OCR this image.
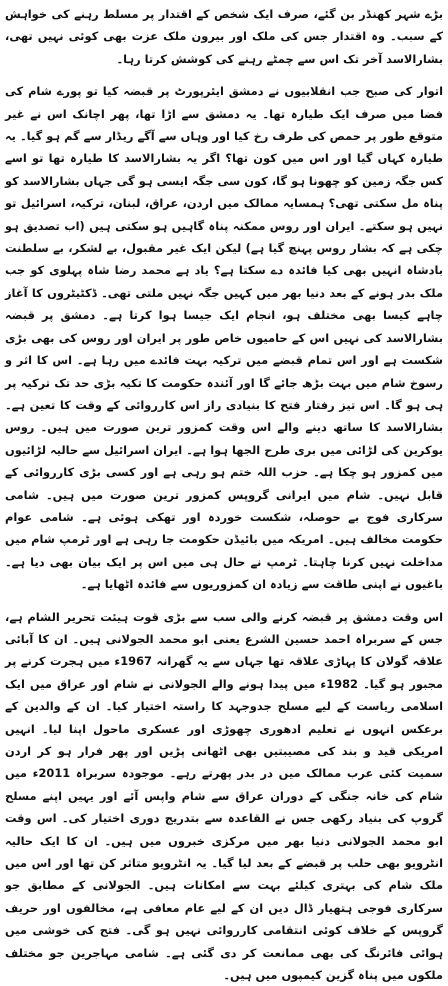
بڑے شہر کھنڈر بن گئے، صرف ایک شخص کے اقتدار پر مسلط رہنے کی خواہش کے سبب۔ وہ اقتدار جس کی ملک اور بیرون ملک عزت بھی کوئی نہیں تھی، بشارالاسد آخر تک اس سے چمٹے رہنے کی کوشش کرتا رہا۔

اتوار کی صبح جب انقلابیوں نے دمشق ایئرپورٹ پر قبضہ کیا تو پورے شام کی فضا میں صرف ایک طیارہ تھا۔ یہ دمشق سے اڑا تھا، پھر اچانک اس نے غیر متوقع طور پر حمص کی طرف رخ کیا اور وہاں سے آگے ریڈار سے گم ہو گیا۔ یہ طیارہ کہاں گیا اور اس میں کون تھا؟ اگر یہ بشارالاسد کا طیارہ تھا تو اسے کس جگہ زمین کو چھونا ہو گا، کون سی جگہ ایسی ہو گی جہاں بشارالاسد کو پناہ مل سکتی تھی؟ ہمسایہ ممالک میں اردن، عراق، لبنان، ترکیہ، اسرائیل تو نہیں ہو سکتے۔ ایران اور روس ممکنہ پناہ گاہیں ہو سکتی ہیں (اب تصدیق ہو چکی ہے کہ بشار روس پہنچ گیا ہے) لیکن ایک غیر مقبول، بے لشکر، بے سلطنت بادشاہ انہیں بھی کیا فائدہ دے سکتا ہے؟ یاد ہے محمد رضا شاہ پہلوی کو جب ملک بدر ہونے کے بعد دنیا بھر میں کہیں جگہ نہیں ملتی تھی۔ ڈکٹیٹروں کا آغاز چاہے کیسا بھی مختلف ہو، انجام ایک جیسا ہوا کرتا ہے۔ دمشق پر قبضہ بشارالاسد کی نہیں اس کے حامیوں خاص طور پر ایران اور روس کی بھی بڑی شکست ہے اور اس تمام قبضے میں ترکیہ بہت فائدے میں رہا ہے۔ اس کا اثر و رسوخ شام میں بہت بڑھ جائے گا اور آئندہ حکومت کا تکیہ بڑی حد تک ترکیہ پر ہی ہو گا۔ اس تیز رفتار فتح کا بنیادی راز اس کارروائی کے وقت کا تعین ہے۔ بشارالاسد کا ساتھ دینے والے اس وقت کمزور ترین صورت میں ہیں۔ روس یوکرین کی لڑائی میں بری طرح الجھا ہوا ہے۔ ایران اسرائیل سے حالیہ لڑائیوں میں کمزور ہو چکا ہے۔ حزب اللہ ختم ہو رہی ہے اور کسی بڑی کارروائی کے قابل نہیں۔ شام میں ایرانی گروپس کمزور ترین صورت میں ہیں۔ شامی سرکاری فوج بے حوصلہ، شکست خوردہ اور تھکی ہوئی ہے۔ شامی عوام حکومت مخالف ہیں۔ امریکہ میں بائیڈن حکومت جا رہی ہے اور ٹرمپ شام میں مداخلت نہیں کرنا چاہتا۔ ٹرمپ نے حال ہی میں اس پر ایک بیان بھی دیا ہے۔ باغیوں نے اپنی طاقت سے زیادہ ان کمزوریوں سے فائدہ اٹھایا ہے۔

اس وقت دمشق پر قبضہ کرنے والی سب سے بڑی قوت ہیئت تحریر الشام ہے، جس کے سربراہ احمد حسین الشرع یعنی ابو محمد الجولانی ہیں۔ ان کا آبائی علاقہ گولان کا پہاڑی علاقہ تھا جہاں سے یہ گھرانہ 1967ء میں ہجرت کرنے پر مجبور ہو گیا۔ 1982ء میں پیدا ہونے والے الجولانی نے شام اور عراق میں ایک اسلامی ریاست کے لیے مسلح جدوجہد کا راستہ اختیار کیا۔ ان کے والدین کے برعکس انہوں نے تعلیم ادھوری چھوڑی اور عسکری ماحول اپنا لیا۔ انہیں امریکی قید و بند کی مصیبتیں بھی اٹھانی پڑیں اور پھر فرار ہو کر اردن سمیت کئی عرب ممالک میں در بدر پھرتے رہے۔ موجودہ سربراہ 2011ء میں شام کی خانہ جنگی کے دوران عراق سے شام واپس آئے اور یہیں اپنے مسلح گروپ کی بنیاد رکھی جس نے القاعدہ سے بتدریج دوری اختیار کی۔ اس وقت ابو محمد الجولانی دنیا بھر میں مرکزی خبروں میں ہیں۔ ان کا ایک حالیہ انٹرویو بھی حلب پر قبضے کے بعد لیا گیا۔ یہ انٹرویو متاثر کن تھا اور اس میں ملک شام کی بہتری کیلئے بہت سے امکانات ہیں۔ الجولانی کے مطابق جو سرکاری فوجی ہتھیار ڈال دیں ان کے لیے عام معافی ہے، مخالفوں اور حریف گروپس کے خلاف کوئی انتقامی کارروائی نہیں ہو گی۔ فتح کی خوشی میں ہوائی فائرنگ کی بھی ممانعت کر دی گئی ہے۔ شامی مہاجرین جو مختلف ملکوں میں پناہ گزین کیمپوں میں ہیں۔
